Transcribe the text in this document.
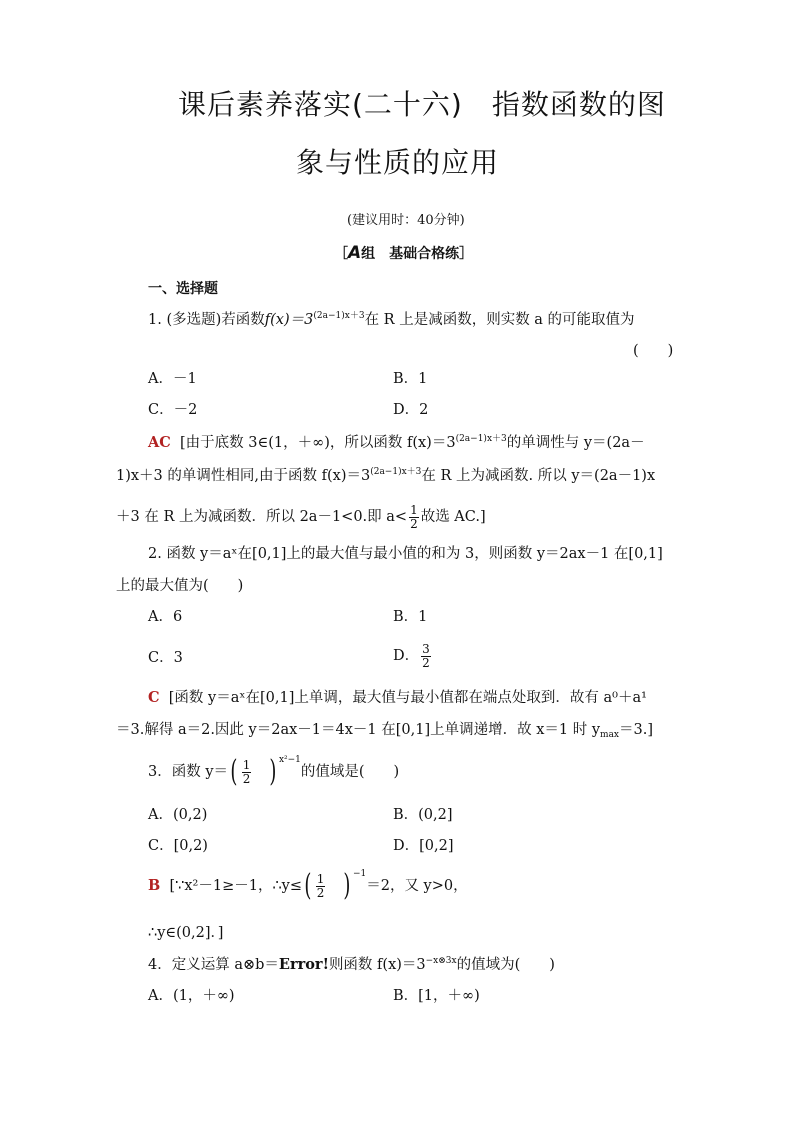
课后素养落实(二十六)　指数函数的图
象与性质的应用
(建议用时：40分钟)
［A组　基础合格练］
一、选择题
1. (多选题)若函数$f(x)=3^{(2a-1)x+3}$在 R 上是减函数，则实数 a 的可能取值为
(　　)
A．－1	B．1
C．－2	D．2
AC [由于底数 3∈(1，＋∞)，所以函数 $f(x)=3^{(2a-1)x+3}$的单调性与 y＝(2a－
1)x＋3 的单调性相同,由于函数 $f(x)=3^{(2a-1)x+3}$在 R 上为减函数. 所以 y＝(2a－1)x
＋3 在 R 上为减函数．所以 2a－1<0.即 $a< \frac{1}{2}$ 故选 AC.]
2. 函数 y＝aˣ在[0,1]上的最大值与最小值的和为 3，则函数 y＝2ax－1 在[0,1]
上的最大值为(　　)
A．6	B．1
C．3	D． $\frac{3}{2}$
C [函数 y＝aˣ在[0,1]上单调，最大值与最小值都在端点处取到．故有 a⁰＋a¹
＝3.解得 a＝2.因此 y＝2ax－1＝4x－1 在[0,1]上单调递增．故 x＝1 时 $y_{max}=3$.]
3．函数 $y=( \frac{1}{2}$ ) $^{x^2-1}$的值域是(　　)
A．(0,2)	B．(0,2]
C．[0,2)	D．[0,2]
B [∵x²－1≥－1，∴y≤( $\frac{1}{2}$ ) $^{-1}$＝2，又 y>0，
∴y∈(0,2]．]
4．定义运算 a⊗b＝Error!则函数 $f(x)=3^{-x\otimes 3x}$的值域为(　　)
A．(1，＋∞)	B．[1，＋∞)
